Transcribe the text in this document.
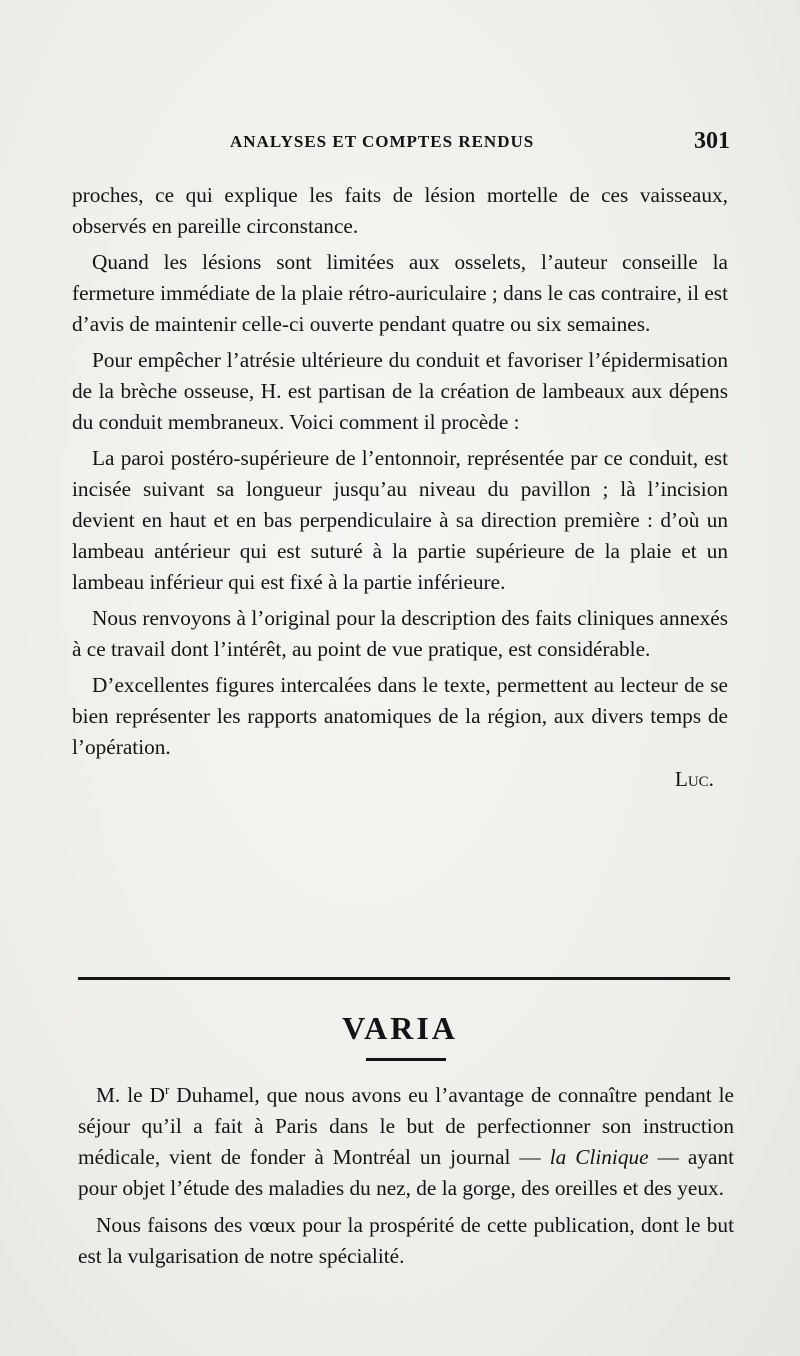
ANALYSES ET COMPTES RENDUS	301

proches, ce qui explique les faits de lésion mortelle de ces vaisseaux, observés en pareille circonstance.

Quand les lésions sont limitées aux osselets, l’auteur conseille la fermeture immédiate de la plaie rétro-auriculaire ; dans le cas contraire, il est d’avis de maintenir celle-ci ouverte pendant quatre ou six semaines.

Pour empêcher l’atrésie ultérieure du conduit et favoriser l’épidermisation de la brèche osseuse, H. est partisan de la création de lambeaux aux dépens du conduit membraneux. Voici comment il procède :

La paroi postéro-supérieure de l’entonnoir, représentée par ce conduit, est incisée suivant sa longueur jusqu’au niveau du pavillon ; là l’incision devient en haut et en bas perpendiculaire à sa direction première : d’où un lambeau antérieur qui est suturé à la partie supérieure de la plaie et un lambeau inférieur qui est fixé à la partie inférieure.

Nous renvoyons à l’original pour la description des faits cliniques annexés à ce travail dont l’intérêt, au point de vue pratique, est considérable.

D’excellentes figures intercalées dans le texte, permettent au lecteur de se bien représenter les rapports anatomiques de la région, aux divers temps de l’opération.

Luc.
VARIA

M. le $D^r$ Duhamel, que nous avons eu l’avantage de connaître pendant le séjour qu’il a fait à Paris dans le but de perfectionner son instruction médicale, vient de fonder à Montréal un journal — la Clinique — ayant pour objet l’étude des maladies du nez, de la gorge, des oreilles et des yeux.

Nous faisons des vœux pour la prospérité de cette publication, dont le but est la vulgarisation de notre spécialité.
